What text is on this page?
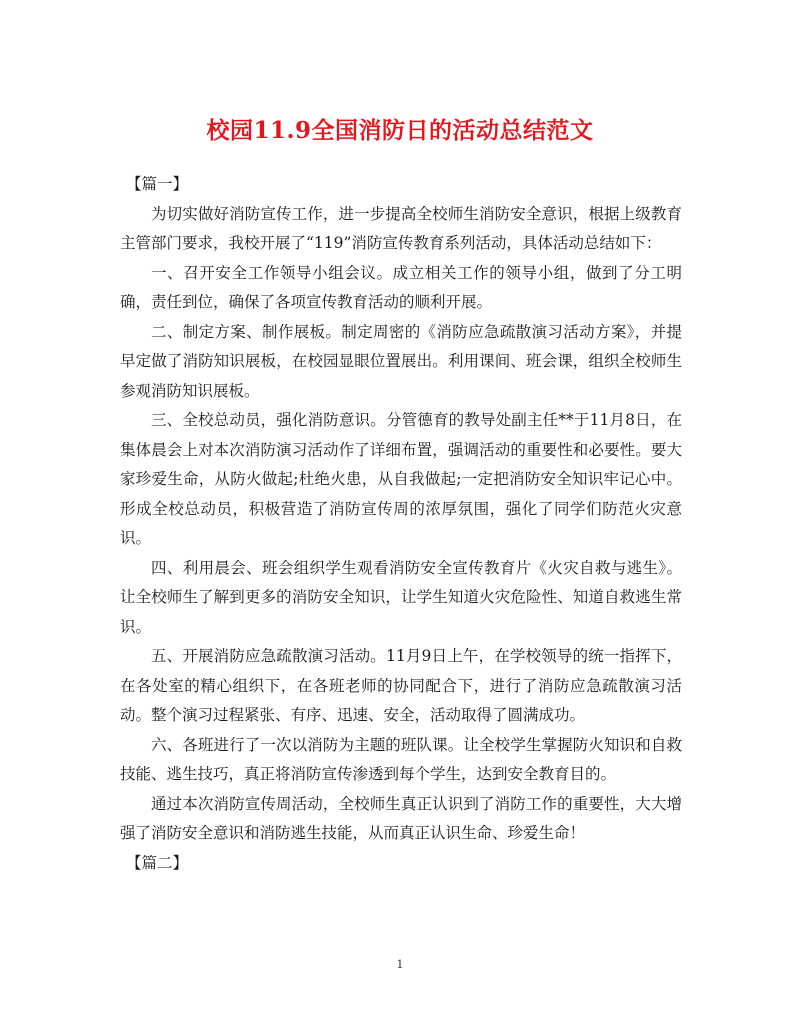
校园11.9全国消防日的活动总结范文
【篇一】

为切实做好消防宣传工作，进一步提高全校师生消防安全意识，根据上级教育主管部门要求，我校开展了“119”消防宣传教育系列活动，具体活动总结如下：

一、召开安全工作领导小组会议。成立相关工作的领导小组，做到了分工明确，责任到位，确保了各项宣传教育活动的顺利开展。

二、制定方案、制作展板。制定周密的《消防应急疏散演习活动方案》，并提早定做了消防知识展板，在校园显眼位置展出。利用课间、班会课，组织全校师生参观消防知识展板。

三、全校总动员，强化消防意识。分管德育的教导处副主任**于11月8日，在集体晨会上对本次消防演习活动作了详细布置，强调活动的重要性和必要性。要大家珍爱生命，从防火做起;杜绝火患，从自我做起;一定把消防安全知识牢记心中。形成全校总动员，积极营造了消防宣传周的浓厚氛围，强化了同学们防范火灾意识。

四、利用晨会、班会组织学生观看消防安全宣传教育片《火灾自救与逃生》。让全校师生了解到更多的消防安全知识，让学生知道火灾危险性、知道自救逃生常识。

五、开展消防应急疏散演习活动。11月9日上午，在学校领导的统一指挥下，在各处室的精心组织下，在各班老师的协同配合下，进行了消防应急疏散演习活动。整个演习过程紧张、有序、迅速、安全，活动取得了圆满成功。

六、各班进行了一次以消防为主题的班队课。让全校学生掌握防火知识和自救技能、逃生技巧，真正将消防宣传渗透到每个学生，达到安全教育目的。

通过本次消防宣传周活动，全校师生真正认识到了消防工作的重要性，大大增强了消防安全意识和消防逃生技能，从而真正认识生命、珍爱生命！

【篇二】
1
